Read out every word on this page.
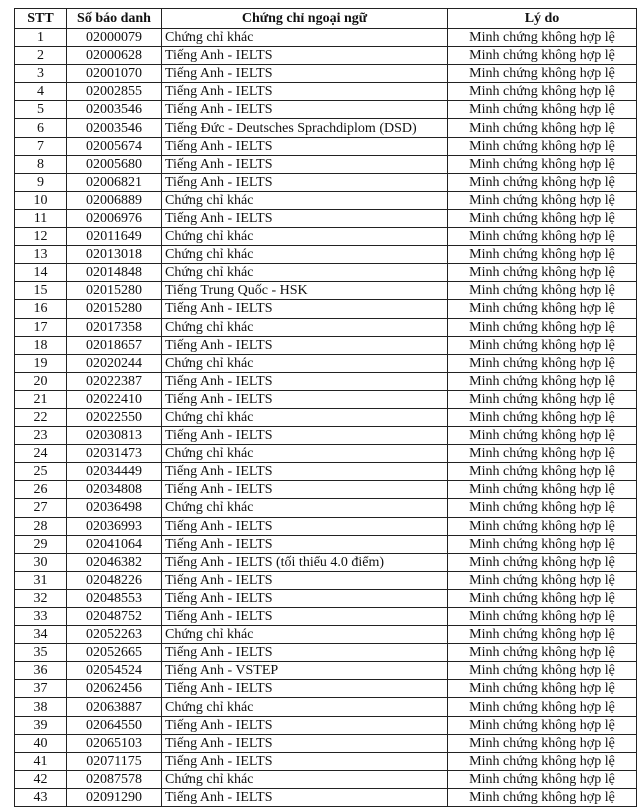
STT	Số báo danh	Chứng chỉ ngoại ngữ	Lý do
1	02000079	Chứng chỉ khác	Minh chứng không hợp lệ
2	02000628	Tiếng Anh - IELTS	Minh chứng không hợp lệ
3	02001070	Tiếng Anh - IELTS	Minh chứng không hợp lệ
4	02002855	Tiếng Anh - IELTS	Minh chứng không hợp lệ
5	02003546	Tiếng Anh - IELTS	Minh chứng không hợp lệ
6	02003546	Tiếng Đức - Deutsches Sprachdiplom (DSD)	Minh chứng không hợp lệ
7	02005674	Tiếng Anh - IELTS	Minh chứng không hợp lệ
8	02005680	Tiếng Anh - IELTS	Minh chứng không hợp lệ
9	02006821	Tiếng Anh - IELTS	Minh chứng không hợp lệ
10	02006889	Chứng chỉ khác	Minh chứng không hợp lệ
11	02006976	Tiếng Anh - IELTS	Minh chứng không hợp lệ
12	02011649	Chứng chỉ khác	Minh chứng không hợp lệ
13	02013018	Chứng chỉ khác	Minh chứng không hợp lệ
14	02014848	Chứng chỉ khác	Minh chứng không hợp lệ
15	02015280	Tiếng Trung Quốc - HSK	Minh chứng không hợp lệ
16	02015280	Tiếng Anh - IELTS	Minh chứng không hợp lệ
17	02017358	Chứng chỉ khác	Minh chứng không hợp lệ
18	02018657	Tiếng Anh - IELTS	Minh chứng không hợp lệ
19	02020244	Chứng chỉ khác	Minh chứng không hợp lệ
20	02022387	Tiếng Anh - IELTS	Minh chứng không hợp lệ
21	02022410	Tiếng Anh - IELTS	Minh chứng không hợp lệ
22	02022550	Chứng chỉ khác	Minh chứng không hợp lệ
23	02030813	Tiếng Anh - IELTS	Minh chứng không hợp lệ
24	02031473	Chứng chỉ khác	Minh chứng không hợp lệ
25	02034449	Tiếng Anh - IELTS	Minh chứng không hợp lệ
26	02034808	Tiếng Anh - IELTS	Minh chứng không hợp lệ
27	02036498	Chứng chỉ khác	Minh chứng không hợp lệ
28	02036993	Tiếng Anh - IELTS	Minh chứng không hợp lệ
29	02041064	Tiếng Anh - IELTS	Minh chứng không hợp lệ
30	02046382	Tiếng Anh - IELTS (tối thiểu 4.0 điểm)	Minh chứng không hợp lệ
31	02048226	Tiếng Anh - IELTS	Minh chứng không hợp lệ
32	02048553	Tiếng Anh - IELTS	Minh chứng không hợp lệ
33	02048752	Tiếng Anh - IELTS	Minh chứng không hợp lệ
34	02052263	Chứng chỉ khác	Minh chứng không hợp lệ
35	02052665	Tiếng Anh - IELTS	Minh chứng không hợp lệ
36	02054524	Tiếng Anh - VSTEP	Minh chứng không hợp lệ
37	02062456	Tiếng Anh - IELTS	Minh chứng không hợp lệ
38	02063887	Chứng chỉ khác	Minh chứng không hợp lệ
39	02064550	Tiếng Anh - IELTS	Minh chứng không hợp lệ
40	02065103	Tiếng Anh - IELTS	Minh chứng không hợp lệ
41	02071175	Tiếng Anh - IELTS	Minh chứng không hợp lệ
42	02087578	Chứng chỉ khác	Minh chứng không hợp lệ
43	02091290	Tiếng Anh - IELTS	Minh chứng không hợp lệ
